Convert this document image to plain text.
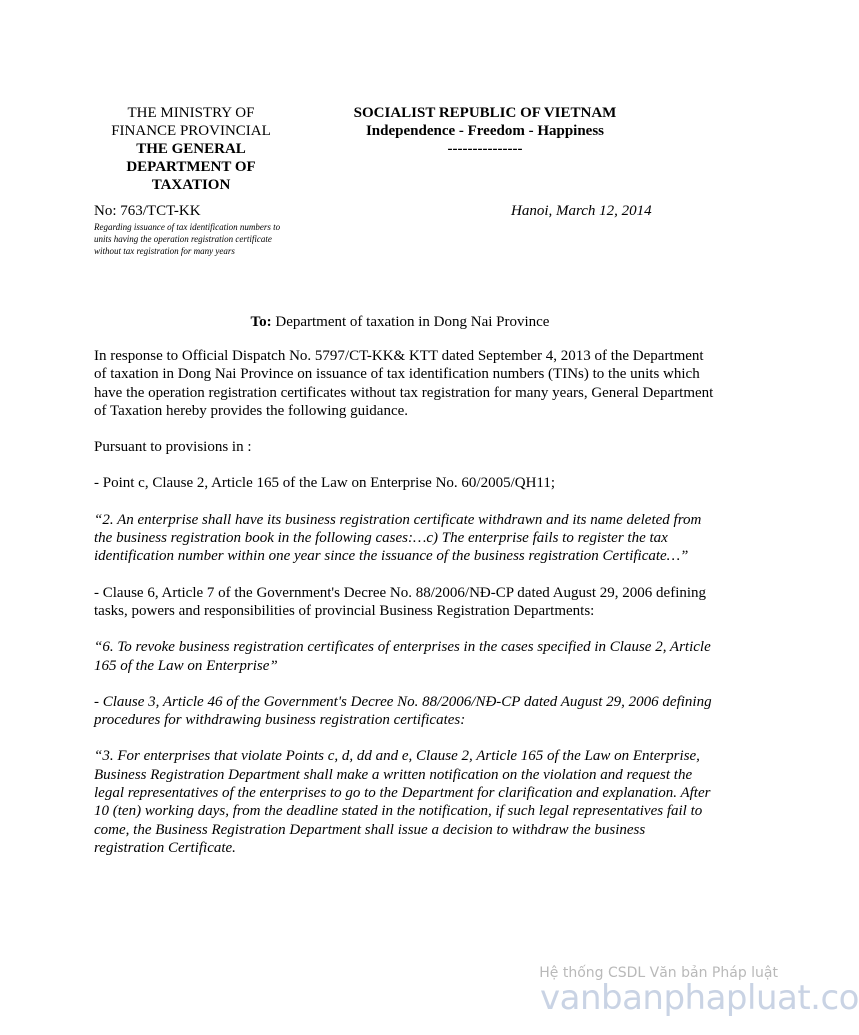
THE MINISTRY OF
FINANCE PROVINCIAL
THE GENERAL
DEPARTMENT OF
TAXATION
SOCIALIST REPUBLIC OF VIETNAM
Independence - Freedom - Happiness
---------------
No: 763/TCT-KK
Regarding issuance of tax identification numbers to units having the operation registration certificate without tax registration for many years
Hanoi, March 12, 2014
To: Department of taxation in Dong Nai Province

In response to Official Dispatch No. 5797/CT-KK& KTT dated September 4, 2013 of the Department of taxation in Dong Nai Province on issuance of tax identification numbers (TINs) to the units which have the operation registration certificates without tax registration for many years, General Department of Taxation hereby provides the following guidance.

Pursuant to provisions in :

- Point c, Clause 2, Article 165 of the Law on Enterprise No. 60/2005/QH11;

“2. An enterprise shall have its business registration certificate withdrawn and its name deleted from the business registration book in the following cases:…c) The enterprise fails to register the tax identification number within one year since the issuance of the business registration Certificate…”

- Clause 6, Article 7 of the Government's Decree No. 88/2006/NĐ-CP dated August 29, 2006 defining tasks, powers and responsibilities of provincial Business Registration Departments:

“6. To revoke business registration certificates of enterprises in the cases specified in Clause 2, Article 165 of the Law on Enterprise”

- Clause 3, Article 46 of the Government's Decree No. 88/2006/NĐ-CP dated August 29, 2006 defining procedures for withdrawing business registration certificates:

“3. For enterprises that violate Points c, d, dd and e, Clause 2, Article 165 of the Law on Enterprise, Business Registration Department shall make a written notification on the violation and request the legal representatives of the enterprises to go to the Department for clarification and explanation. After 10 (ten) working days, from the deadline stated in the notification, if such legal representatives fail to come, the Business Registration Department shall issue a decision to withdraw the business registration Certificate.

Hệ thống CSDL Văn bản Pháp luật
vanbanphapluat.co
